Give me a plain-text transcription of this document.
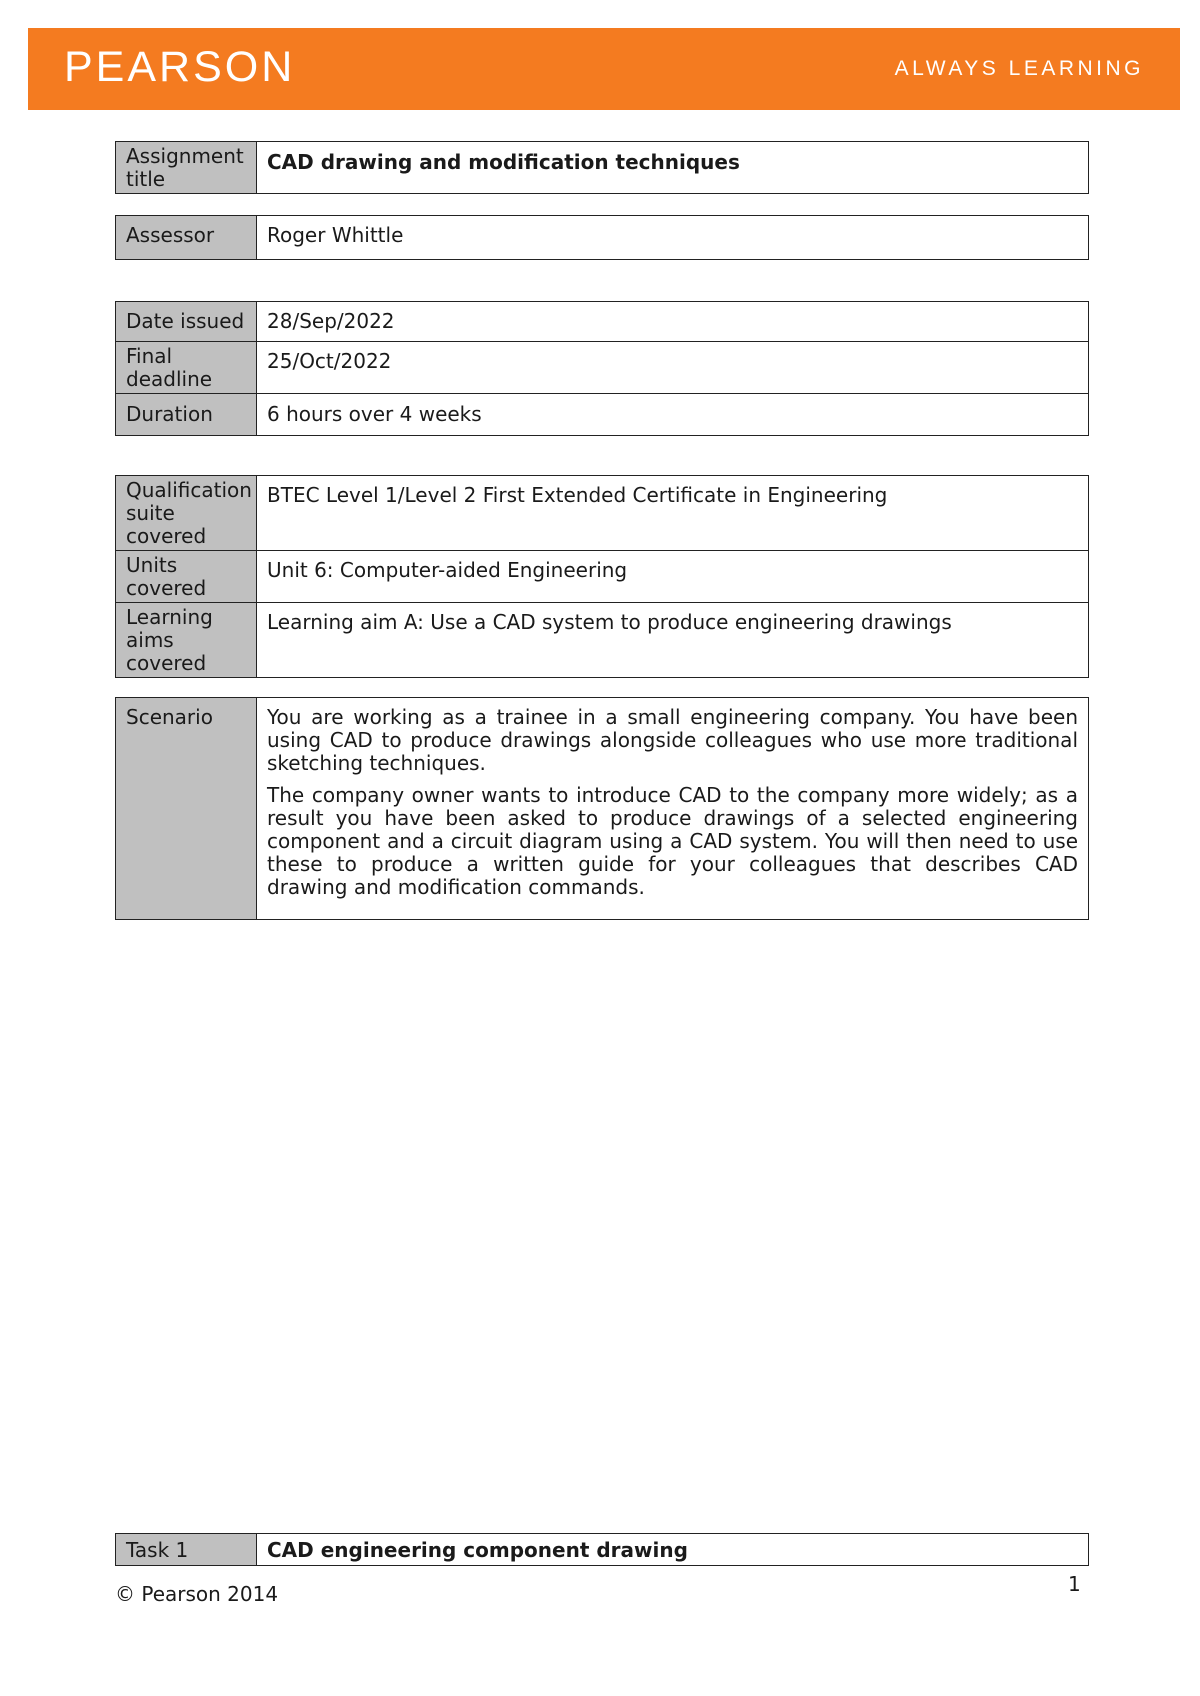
PEARSON	ALWAYS LEARNING
Assignment title	CAD drawing and modification techniques
Assessor	Roger Whittle
Date issued	28/Sep/2022
Final deadline	25/Oct/2022
Duration	6 hours over 4 weeks
Qualification suite covered	BTEC Level 1/Level 2 First Extended Certificate in Engineering
Units covered	Unit 6: Computer-aided Engineering
Learning aims covered	Learning aim A: Use a CAD system to produce engineering drawings
Scenario	You are working as a trainee in a small engineering company. You have been using CAD to produce drawings alongside colleagues who use more traditional sketching techniques.

The company owner wants to introduce CAD to the company more widely; as a result you have been asked to produce drawings of a selected engineering component and a circuit diagram using a CAD system. You will then need to use these to produce a written guide for your colleagues that describes CAD drawing and modification commands.

Task 1	CAD engineering component drawing
© Pearson 2014	1
